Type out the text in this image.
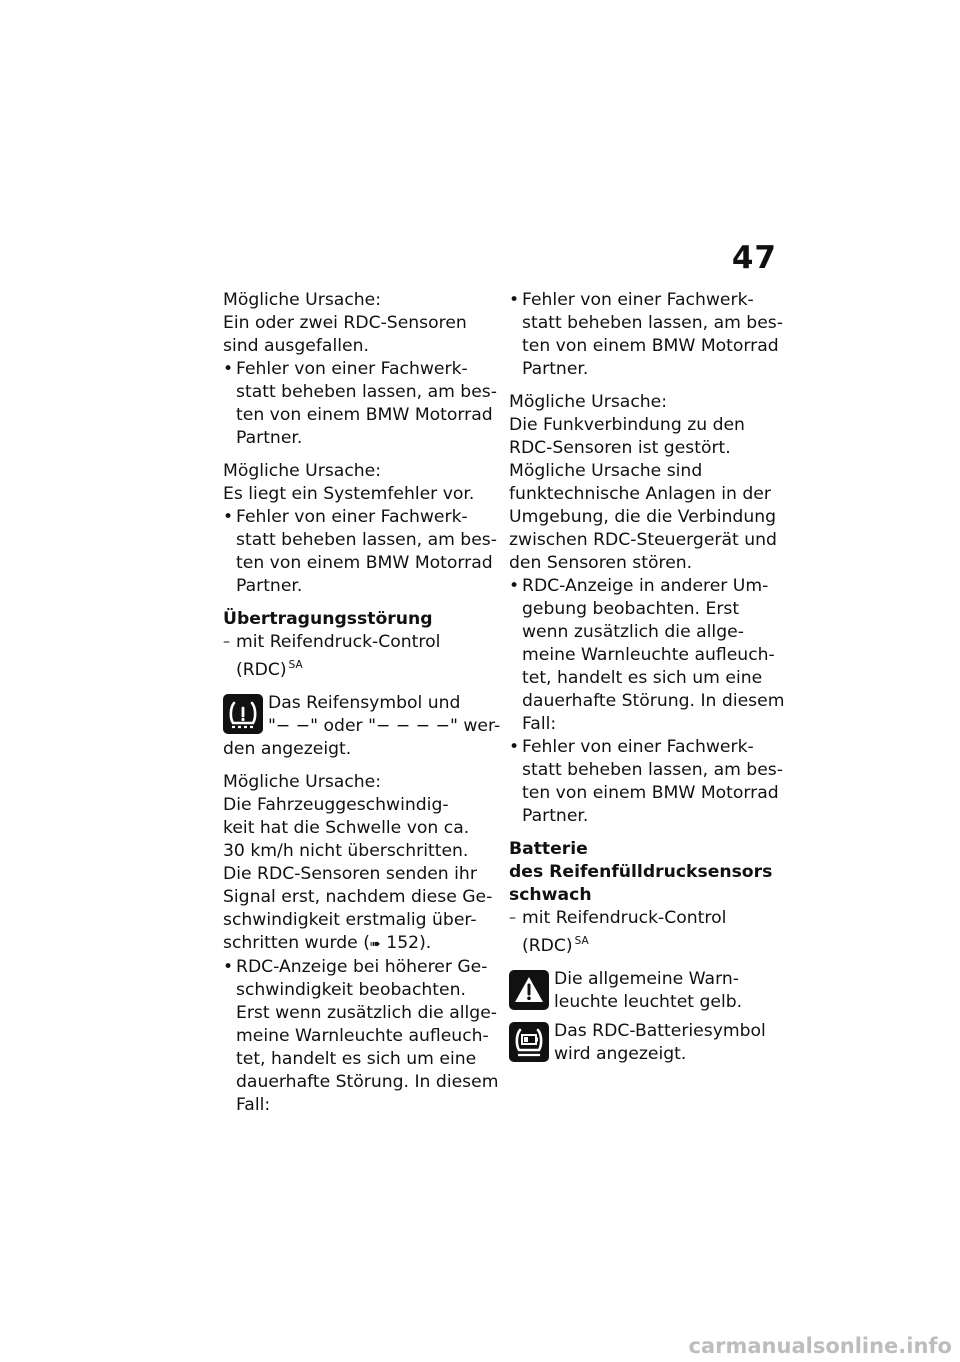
47
Mögliche Ursache:
Ein oder zwei RDC-Sensoren
sind ausgefallen.
• Fehler von einer Fachwerk-
statt beheben lassen, am bes-
ten von einem BMW Motorrad
Partner.
Mögliche Ursache:
Es liegt ein Systemfehler vor.
• Fehler von einer Fachwerk-
statt beheben lassen, am bes-
ten von einem BMW Motorrad
Partner.
Übertragungsstörung
– mit Reifendruck-Control
(RDC) $^{SA}$
Das Reifensymbol und
"− −" oder "− − − −" wer-
den angezeigt.
Mögliche Ursache:
Die Fahrzeuggeschwindig-
keit hat die Schwelle von ca.
30 km/h nicht überschritten.
Die RDC-Sensoren senden ihr
Signal erst, nachdem diese Ge-
schwindigkeit erstmalig über-
schritten wurde (➠ 152).
• RDC-Anzeige bei höherer Ge-
schwindigkeit beobachten.
Erst wenn zusätzlich die allge-
meine Warnleuchte aufleuch-
tet, handelt es sich um eine
dauerhafte Störung. In diesem
Fall:
• Fehler von einer Fachwerk-
statt beheben lassen, am bes-
ten von einem BMW Motorrad
Partner.
Mögliche Ursache:
Die Funkverbindung zu den
RDC-Sensoren ist gestört.
Mögliche Ursache sind
funktechnische Anlagen in der
Umgebung, die die Verbindung
zwischen RDC-Steuergerät und
den Sensoren stören.
• RDC-Anzeige in anderer Um-
gebung beobachten. Erst
wenn zusätzlich die allge-
meine Warnleuchte aufleuch-
tet, handelt es sich um eine
dauerhafte Störung. In diesem
Fall:
• Fehler von einer Fachwerk-
statt beheben lassen, am bes-
ten von einem BMW Motorrad
Partner.
Batterie
des Reifenfülldrucksensors
schwach
– mit Reifendruck-Control
(RDC) $^{SA}$
Die allgemeine Warn-
leuchte leuchtet gelb.
Das RDC-Batteriesymbol
wird angezeigt.
carmanualsonline.info
